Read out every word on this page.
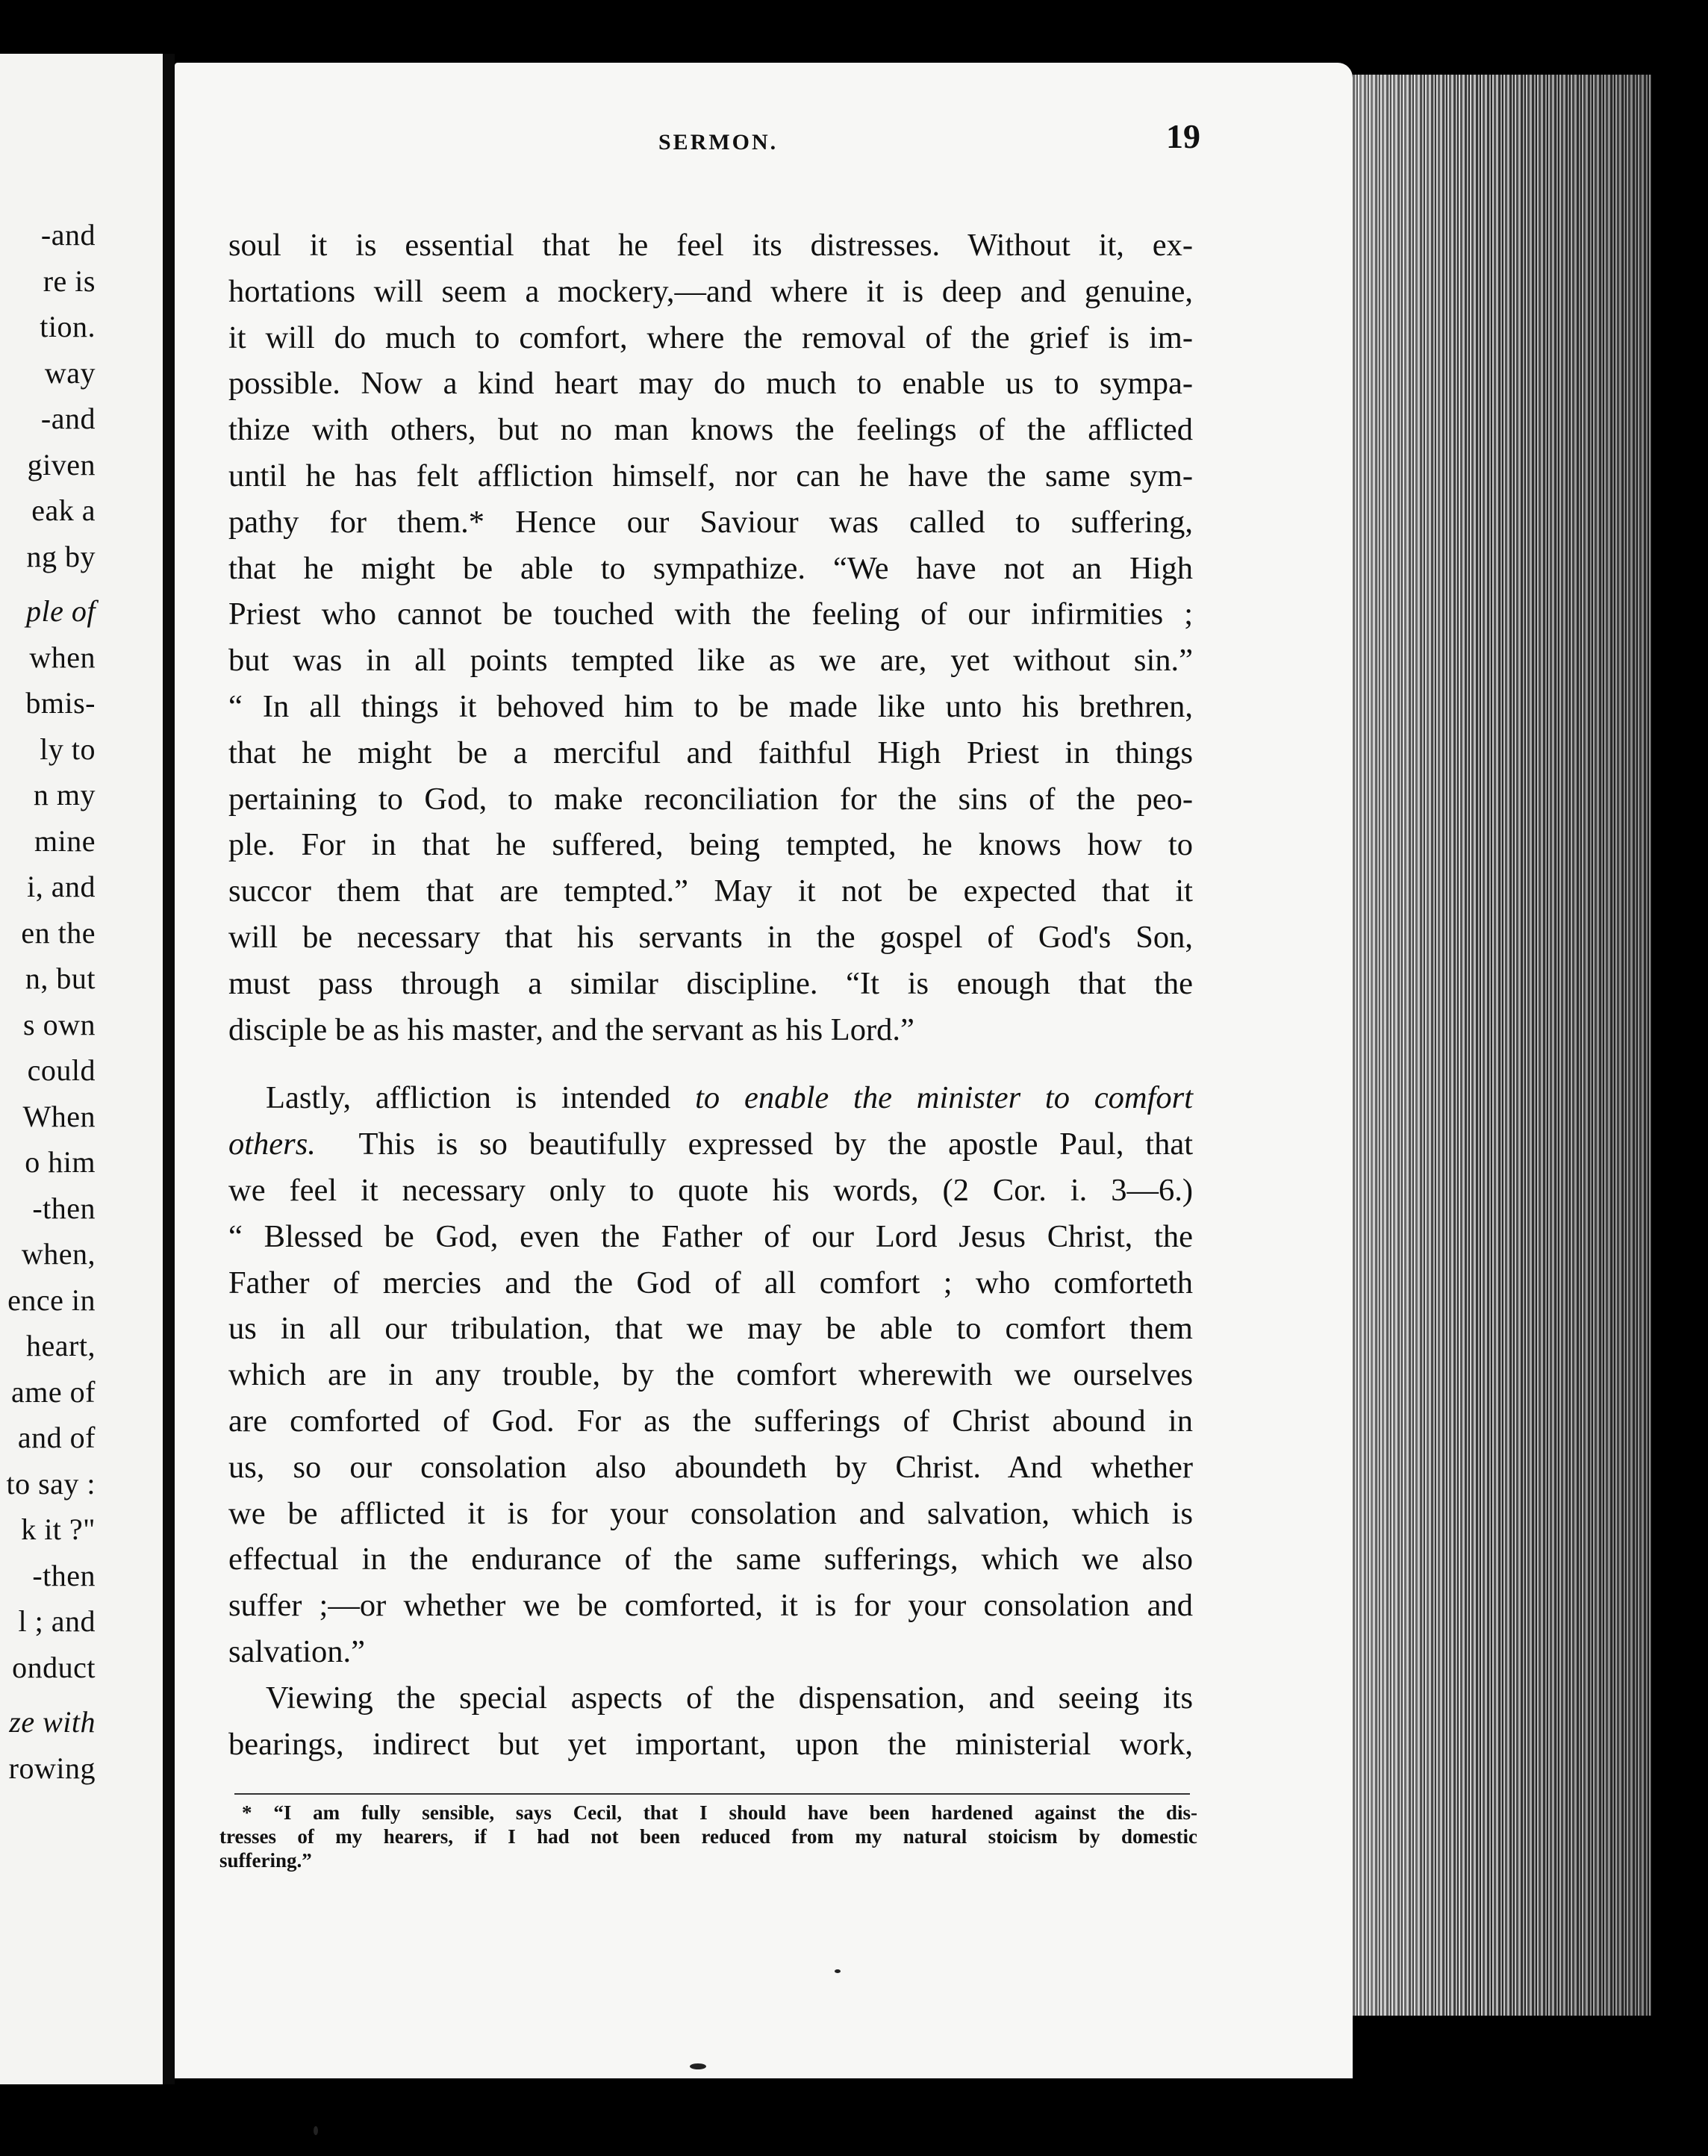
-and
re is
tion.
way
-and
given
eak a
ng by
ple of
when
bmis-
ly to
n my
mine
i, and
en the
n, but
s own
could
When
o him
-then
when,
ence in
heart,
ame of
and of
to say :
k it ?"
-then
l ; and
onduct
ze with
rowing
SERMON.	19
soul it is essential that he feel its distresses. Without it, ex-
hortations will seem a mockery,—and where it is deep and genuine,
it will do much to comfort, where the removal of the grief is im-
possible. Now a kind heart may do much to enable us to sympa-
thize with others, but no man knows the feelings of the afflicted
until he has felt affliction himself, nor can he have the same sym-
pathy for them.* Hence our Saviour was called to suffering,
that he might be able to sympathize. “We have not an High
Priest who cannot be touched with the feeling of our infirmities ;
but was in all points tempted like as we are, yet without sin.”
“ In all things it behoved him to be made like unto his brethren,
that he might be a merciful and faithful High Priest in things
pertaining to God, to make reconciliation for the sins of the peo-
ple. For in that he suffered, being tempted, he knows how to
succor them that are tempted.” May it not be expected that it
will be necessary that his servants in the gospel of God's Son,
must pass through a similar discipline. “It is enough that the
disciple be as his master, and the servant as his Lord.”
Lastly, affliction is intended to enable the minister to comfort
others. This is so beautifully expressed by the apostle Paul, that
we feel it necessary only to quote his words, (2 Cor. i. 3—6.)
“ Blessed be God, even the Father of our Lord Jesus Christ, the
Father of mercies and the God of all comfort ; who comforteth
us in all our tribulation, that we may be able to comfort them
which are in any trouble, by the comfort wherewith we ourselves
are comforted of God. For as the sufferings of Christ abound in
us, so our consolation also aboundeth by Christ. And whether
we be afflicted it is for your consolation and salvation, which is
effectual in the endurance of the same sufferings, which we also
suffer ;—or whether we be comforted, it is for your consolation and
salvation.”
Viewing the special aspects of the dispensation, and seeing its
bearings, indirect but yet important, upon the ministerial work,
* “I am fully sensible, says Cecil, that I should have been hardened against the dis-
tresses of my hearers, if I had not been reduced from my natural stoicism by domestic
suffering.”
